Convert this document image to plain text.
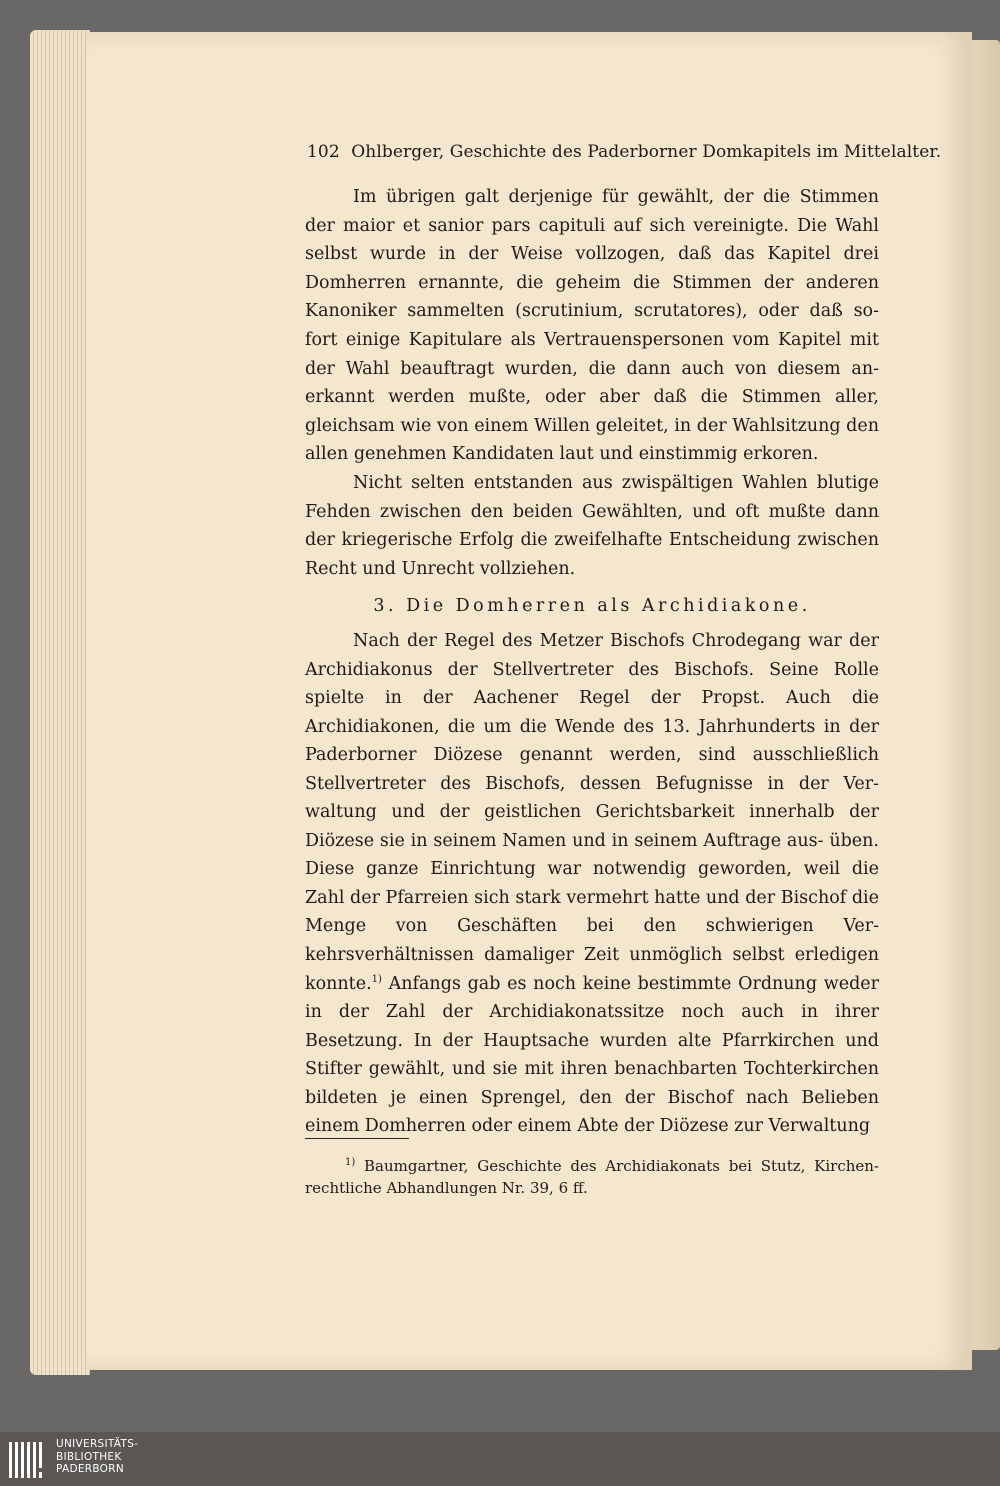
102 Ohlberger, Geschichte des Paderborner Domkapitels im Mittelalter.

Im übrigen galt derjenige für gewählt, der die Stimmen der maior et sanior pars capituli auf sich vereinigte. Die Wahl selbst wurde in der Weise vollzogen, daß das Kapitel drei Domherren ernannte, die geheim die Stimmen der anderen Kanoniker sammelten (scrutinium, scrutatores), oder daß so- fort einige Kapitulare als Vertrauenspersonen vom Kapitel mit der Wahl beauftragt wurden, die dann auch von diesem an- erkannt werden mußte, oder aber daß die Stimmen aller, gleichsam wie von einem Willen geleitet, in der Wahlsitzung den allen genehmen Kandidaten laut und einstimmig erkoren.

Nicht selten entstanden aus zwispältigen Wahlen blutige Fehden zwischen den beiden Gewählten, und oft mußte dann der kriegerische Erfolg die zweifelhafte Entscheidung zwischen Recht und Unrecht vollziehen.

3. Die Domherren als Archidiakone.

Nach der Regel des Metzer Bischofs Chrodegang war der Archidiakonus der Stellvertreter des Bischofs. Seine Rolle spielte in der Aachener Regel der Propst. Auch die Archidiakonen, die um die Wende des 13. Jahrhunderts in der Paderborner Diözese genannt werden, sind ausschließlich Stellvertreter des Bischofs, dessen Befugnisse in der Ver- waltung und der geistlichen Gerichtsbarkeit innerhalb der Diözese sie in seinem Namen und in seinem Auftrage aus- üben. Diese ganze Einrichtung war notwendig geworden, weil die Zahl der Pfarreien sich stark vermehrt hatte und der Bischof die Menge von Geschäften bei den schwierigen Ver- kehrsverhältnissen damaliger Zeit unmöglich selbst erledigen konnte.$^{1)}$ Anfangs gab es noch keine bestimmte Ordnung weder in der Zahl der Archidiakonatssitze noch auch in ihrer Besetzung. In der Hauptsache wurden alte Pfarrkirchen und Stifter gewählt, und sie mit ihren benachbarten Tochterkirchen bildeten je einen Sprengel, den der Bischof nach Belieben einem Domherren oder einem Abte der Diözese zur Verwaltung

$^{1)}$ Baumgartner, Geschichte des Archidiakonats bei Stutz, Kirchen- rechtliche Abhandlungen Nr. 39, 6 ff.

UNIVERSITÄTS-
BIBLIOTHEK
PADERBORN
